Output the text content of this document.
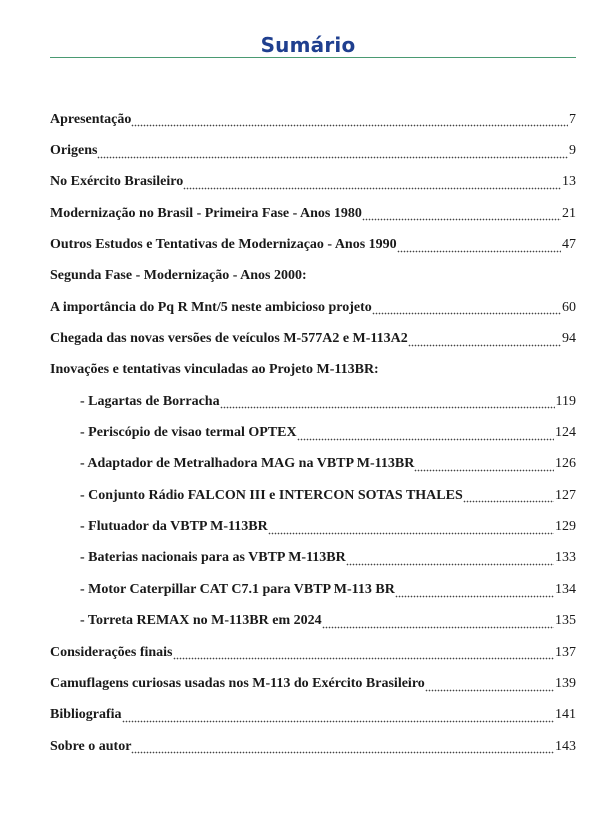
Sumário
Apresentação	7
Origens	9
No Exército Brasileiro	13
Modernização no Brasil - Primeira Fase - Anos 1980	21
Outros Estudos e Tentativas de Modernizaçao - Anos 1990	47
Segunda Fase - Modernização - Anos 2000:
A importância do Pq R Mnt/5 neste ambicioso projeto	60
Chegada das novas versões de veículos M-577A2 e M-113A2	94
Inovações e tentativas vinculadas ao Projeto M-113BR:
- Lagartas de Borracha	119
- Periscópio de visao termal OPTEX	124
- Adaptador de Metralhadora MAG na VBTP M-113BR	126
- Conjunto Rádio FALCON III e INTERCON SOTAS THALES	127
- Flutuador da VBTP M-113BR	129
- Baterias nacionais para as VBTP M-113BR	133
- Motor Caterpillar CAT C7.1 para VBTP M-113 BR	134
- Torreta REMAX no M-113BR em 2024	135
Considerações finais	137
Camuflagens curiosas usadas nos M-113 do Exército Brasileiro	139
Bibliografia	141
Sobre o autor	143
